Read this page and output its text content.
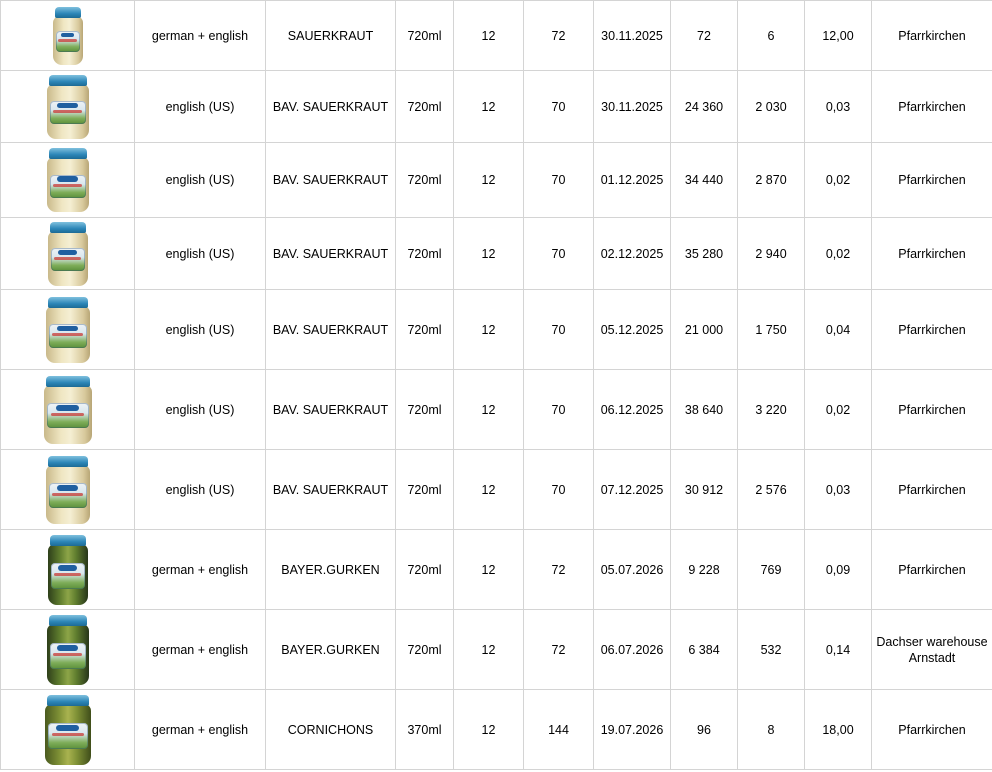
	german + english	SAUERKRAUT	720ml	12	72	30.11.2025	72	6	12,00	Pfarrkirchen

	english (US)	BAV. SAUERKRAUT	720ml	12	70	30.11.2025	24 360	2 030	0,03	Pfarrkirchen

	english (US)	BAV. SAUERKRAUT	720ml	12	70	01.12.2025	34 440	2 870	0,02	Pfarrkirchen

	english (US)	BAV. SAUERKRAUT	720ml	12	70	02.12.2025	35 280	2 940	0,02	Pfarrkirchen

	english (US)	BAV. SAUERKRAUT	720ml	12	70	05.12.2025	21 000	1 750	0,04	Pfarrkirchen

	english (US)	BAV. SAUERKRAUT	720ml	12	70	06.12.2025	38 640	3 220	0,02	Pfarrkirchen

	english (US)	BAV. SAUERKRAUT	720ml	12	70	07.12.2025	30 912	2 576	0,03	Pfarrkirchen

	german + english	BAYER.GURKEN	720ml	12	72	05.07.2026	9 228	769	0,09	Pfarrkirchen

	german + english	BAYER.GURKEN	720ml	12	72	06.07.2026	6 384	532	0,14	Dachser warehouse Arnstadt

	german + english	CORNICHONS	370ml	12	144	19.07.2026	96	8	18,00	Pfarrkirchen
